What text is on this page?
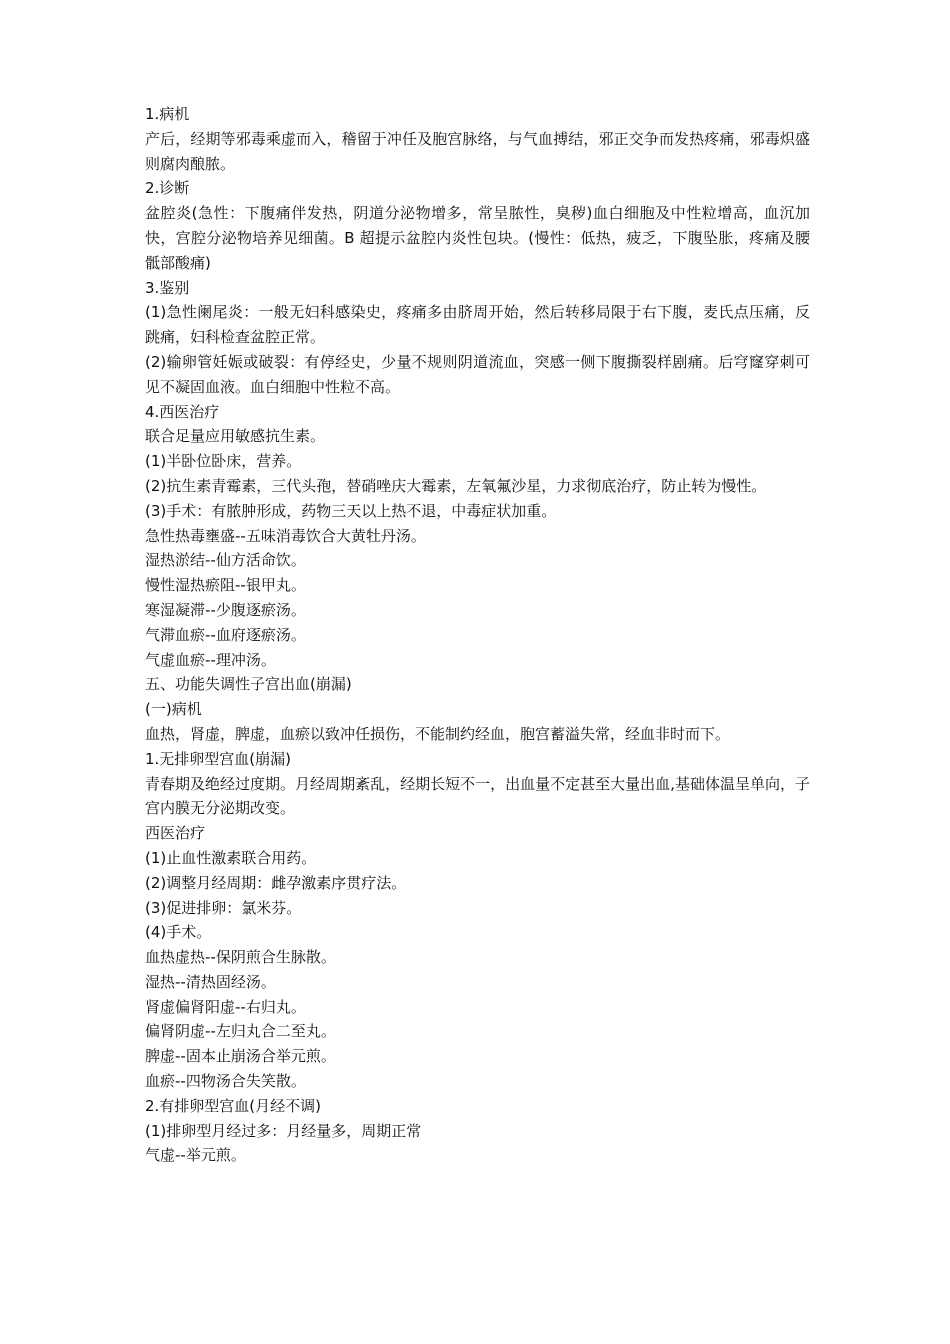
1.病机

产后，经期等邪毒乘虚而入，稽留于冲任及胞宫脉络，与气血搏结，邪正交争而发热疼痛，邪毒炽盛则腐肉酿脓。

2.诊断

盆腔炎(急性：下腹痛伴发热，阴道分泌物增多，常呈脓性，臭秽)血白细胞及中性粒增高，血沉加快，宫腔分泌物培养见细菌。B 超提示盆腔内炎性包块。(慢性：低热，疲乏，下腹坠胀，疼痛及腰骶部酸痛)

3.鉴别

(1)急性阑尾炎：一般无妇科感染史，疼痛多由脐周开始，然后转移局限于右下腹，麦氏点压痛，反跳痛，妇科检查盆腔正常。

(2)输卵管妊娠或破裂：有停经史，少量不规则阴道流血，突感一侧下腹撕裂样剧痛。后穹窿穿刺可见不凝固血液。血白细胞中性粒不高。

4.西医治疗

联合足量应用敏感抗生素。

(1)半卧位卧床，营养。

(2)抗生素青霉素，三代头孢，替硝唑庆大霉素，左氧氟沙星，力求彻底治疗，防止转为慢性。

(3)手术：有脓肿形成，药物三天以上热不退，中毒症状加重。

急性热毒壅盛--五味消毒饮合大黄牡丹汤。

湿热淤结--仙方活命饮。

慢性湿热瘀阻--银甲丸。

寒湿凝滞--少腹逐瘀汤。

气滞血瘀--血府逐瘀汤。

气虚血瘀--理冲汤。

五、功能失调性子宫出血(崩漏)

(一)病机

血热，肾虚，脾虚，血瘀以致冲任损伤，不能制约经血，胞宫蓄溢失常，经血非时而下。

1.无排卵型宫血(崩漏)

青春期及绝经过度期。月经周期紊乱，经期长短不一，出血量不定甚至大量出血,基础体温呈单向，子宫内膜无分泌期改变。

西医治疗

(1)止血性激素联合用药。

(2)调整月经周期：雌孕激素序贯疗法。

(3)促进排卵：氯米芬。

(4)手术。

血热虚热--保阴煎合生脉散。

湿热--清热固经汤。

肾虚偏肾阳虚--右归丸。

偏肾阴虚--左归丸合二至丸。

脾虚--固本止崩汤合举元煎。

血瘀--四物汤合失笑散。

2.有排卵型宫血(月经不调)

(1)排卵型月经过多：月经量多，周期正常

气虚--举元煎。
